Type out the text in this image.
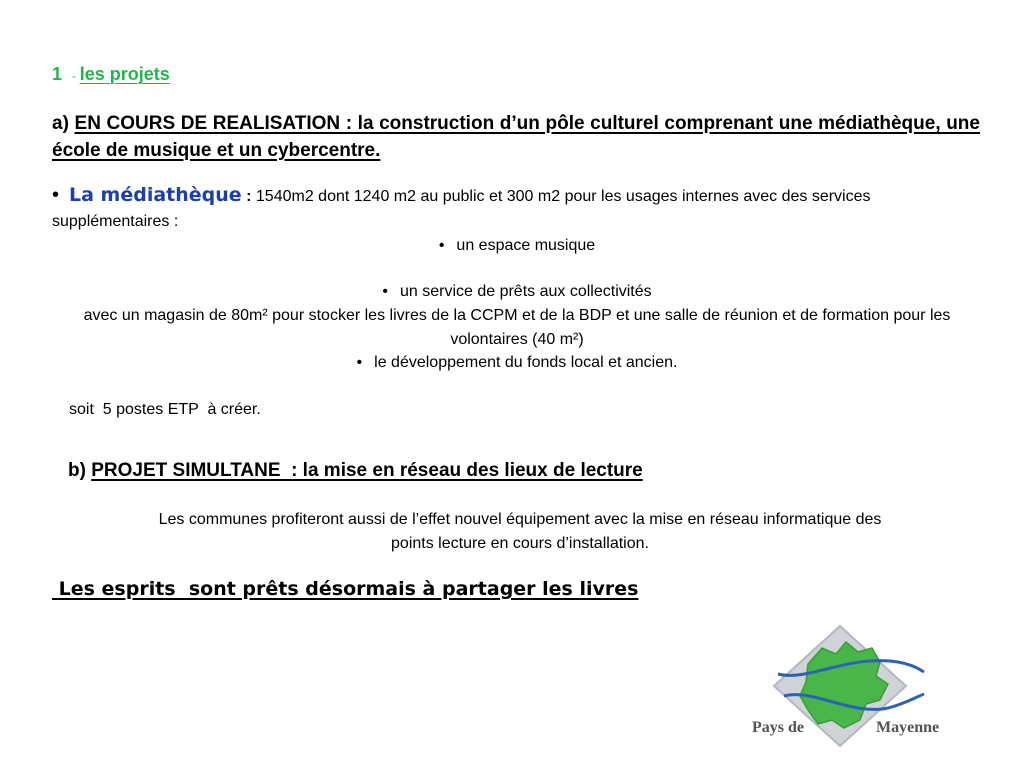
1 - les projets
a) EN COURS DE REALISATION : la construction d’un pôle culturel comprenant une médiathèque, une école de musique et un cybercentre.
• La médiathèque : 1540m2 dont 1240 m2 au public et 300 m2 pour les usages internes avec des services supplémentaires :
• un espace musique
• un service de prêts aux collectivités
avec un magasin de 80m² pour stocker les livres de la CCPM et de la BDP et une salle de réunion et de formation pour les volontaires (40 m²)
• le développement du fonds local et ancien.
soit  5 postes ETP  à créer.
b) PROJET SIMULTANE  : la mise en réseau des lieux de lecture
Les communes profiteront aussi de l’effet nouvel équipement avec la mise en réseau informatique des points lecture en cours d’installation.
Les esprits  sont prêts désormais à partager les livres
Pays de	Mayenne
